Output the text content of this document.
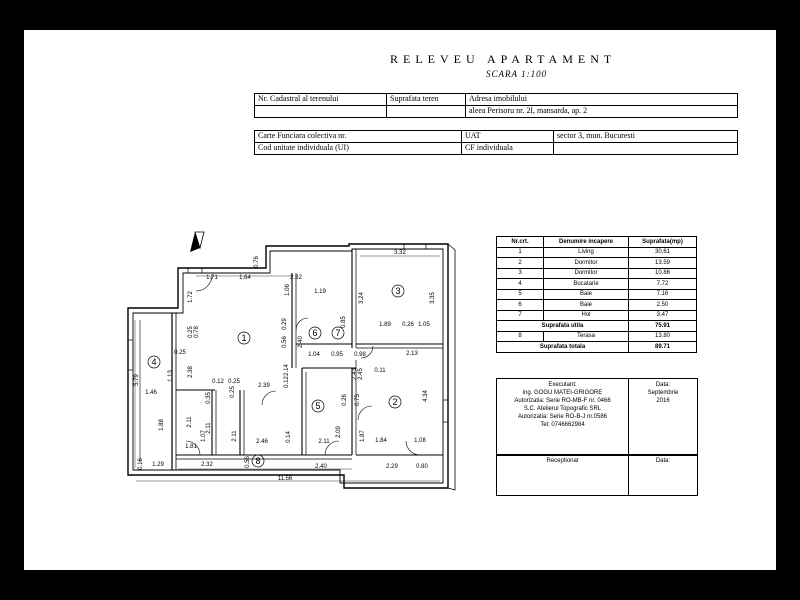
RELEVEU APARTAMENT
SCARA 1:100
Nr. Cadastral al terenului	Suprafata teren	Adresa imobilului
		aleea Perisoru nr. 2I, mansarda, ap. 2
Carte Funciara colectiva nr.	UAT	sector 3, mun. Bucuresti
Cod unitate individuala (UI)	CF individuala	
1
2
3
4
5
6 7
8
3.32
1.71	1.64
0.76
2.32
1.19
1.06
3.24	3.35
1.72
0.25 0.78
0.25
1.89 0.26 1.05
0.56 2.40
0.85
0.29
1.04 0.95 0.98	2.13
0.11
2.38	2.14
0.12 0.25
2.39 0.12
5.79
1.46
1.88	2.11
0.35
2.45
0.75
1.81
1.07
2.11
2.43
4.34
0.26
2.09	1.87 1.84	1.08
1.29	2.32
2.46	0.14	2.11
0.56	2.29	0.80
11.56
2.40
0.16
0.25
2.11
1.13
Nr.crt.	Denumire incapere	Suprafata(mp)
1	Living	30.61
2	Dormitor	13.59
3	Dormitor	10.86
4	Bucatarie	7.72
5	Baie	7.16
6	Baie	2.50
7	Hol	3.47
Suprafata utila		75.91
8	Terasa	13.80
Suprafata totala		89.71
Executant:
ing. GOGU MATEI-GRIGORE
Autorizatia: Serie RO-MB-F nr. 0466
S.C. Atelierul Topografic SRL
Autorizatia: Serie RO-B-J nr.0586
Tel: 0746662984
Data:
Septembrie
2016
Receptionat	Data:
